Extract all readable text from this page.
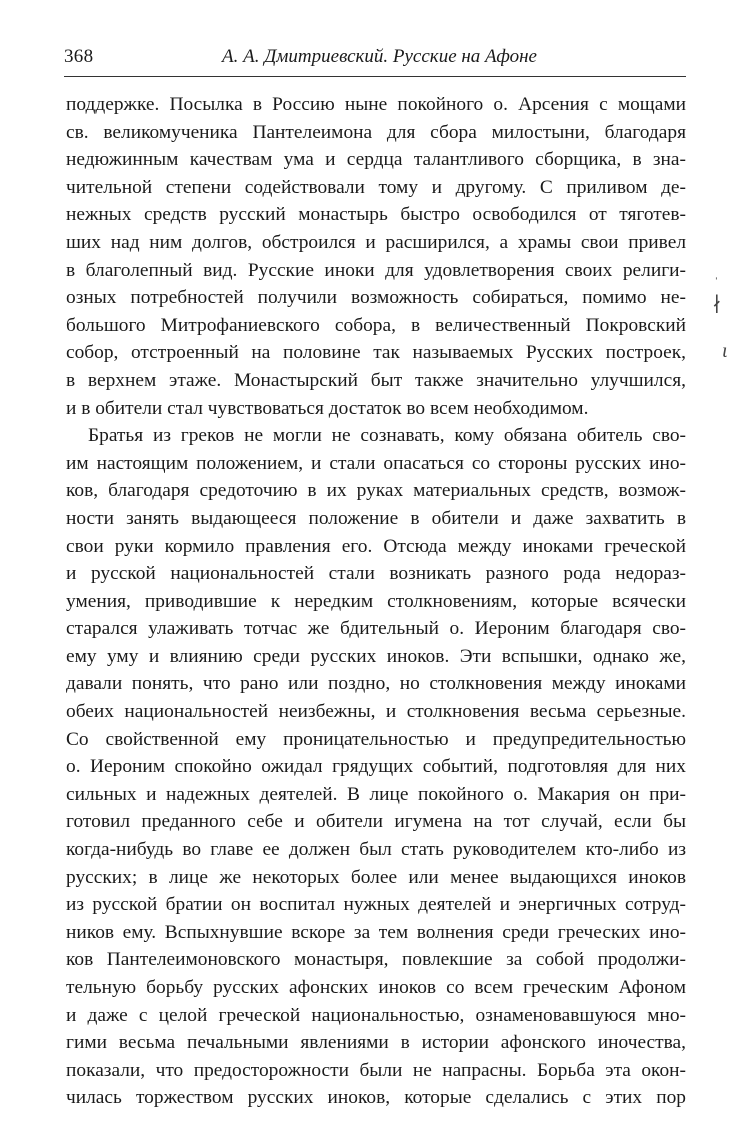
368	А. А. Дмитриевский. Русские на Афоне
ˈ
∤
ɩ
поддержке. Посылка в Россию ныне покойного о. Арсения с мощами
св. великомученика Пантелеимона для сбора милостыни, благодаря
недюжинным качествам ума и сердца талантливого сборщика, в зна-
чительной степени содействовали тому и другому. С приливом де-
нежных средств русский монастырь быстро освободился от тяготев-
ших над ним долгов, обстроился и расширился, а храмы свои привел
в благолепный вид. Русские иноки для удовлетворения своих религи-
озных потребностей получили возможность собираться, помимо не-
большого Митрофаниевского собора, в величественный Покровский
собор, отстроенный на половине так называемых Русских построек,
в верхнем этаже. Монастырский быт также значительно улучшился,
и в обители стал чувствоваться достаток во всем необходимом.
Братья из греков не могли не сознавать, кому обязана обитель сво-
им настоящим положением, и стали опасаться со стороны русских ино-
ков, благодаря средоточию в их руках материальных средств, возмож-
ности занять выдающееся положение в обители и даже захватить в
свои руки кормило правления его. Отсюда между иноками греческой
и русской национальностей стали возникать разного рода недораз-
умения, приводившие к нередким столкновениям, которые всячески
старался улаживать тотчас же бдительный о. Иероним благодаря сво-
ему уму и влиянию среди русских иноков. Эти вспышки, однако же,
давали понять, что рано или поздно, но столкновения между иноками
обеих национальностей неизбежны, и столкновения весьма серьезные.
Со свойственной ему проницательностью и предупредительностью
о. Иероним спокойно ожидал грядущих событий, подготовляя для них
сильных и надежных деятелей. В лице покойного о. Макария он при-
готовил преданного себе и обители игумена на тот случай, если бы
когда-нибудь во главе ее должен был стать руководителем кто-либо из
русских; в лице же некоторых более или менее выдающихся иноков
из русской братии он воспитал нужных деятелей и энергичных сотруд-
ников ему. Вспыхнувшие вскоре за тем волнения среди греческих ино-
ков Пантелеимоновского монастыря, повлекшие за собой продолжи-
тельную борьбу русских афонских иноков со всем греческим Афоном
и даже с целой греческой национальностью, ознаменовавшуюся мно-
гими весьма печальными явлениями в истории афонского иночества,
показали, что предосторожности были не напрасны. Борьба эта окон-
чилась торжеством русских иноков, которые сделались с этих пор
